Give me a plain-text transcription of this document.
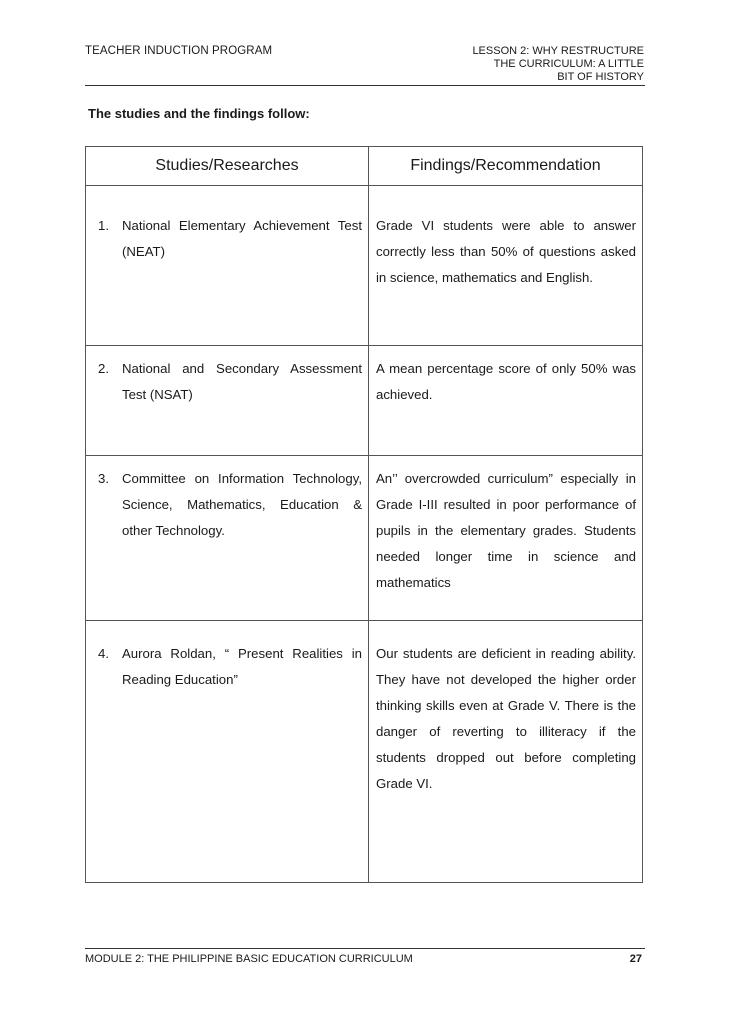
TEACHER INDUCTION PROGRAM	LESSON 2: WHY RESTRUCTURE
THE CURRICULUM: A LITTLE
BIT OF HISTORY
The studies and the findings follow:
Studies/Researches	Findings/Recommendation

1. National Elementary Achievement Test (NEAT)	Grade VI students were able to answer correctly less than 50% of questions asked in science, mathematics and English.

2. National and Secondary Assessment Test (NSAT)	A mean percentage score of only 50% was achieved.

3. Committee on Information Technology, Science, Mathematics, Education & other Technology.	An’’ overcrowded curriculum” especially in Grade I-III resulted in poor performance of pupils in the elementary grades. Students needed longer time in science and mathematics

4. Aurora Roldan, “ Present Realities in Reading Education”	Our students are deficient in reading ability. They have not developed the higher order thinking skills even at Grade V. There is the danger of reverting to illiteracy if the students dropped out before completing Grade VI.
MODULE 2: THE PHILIPPINE BASIC EDUCATION CURRICULUM	27
